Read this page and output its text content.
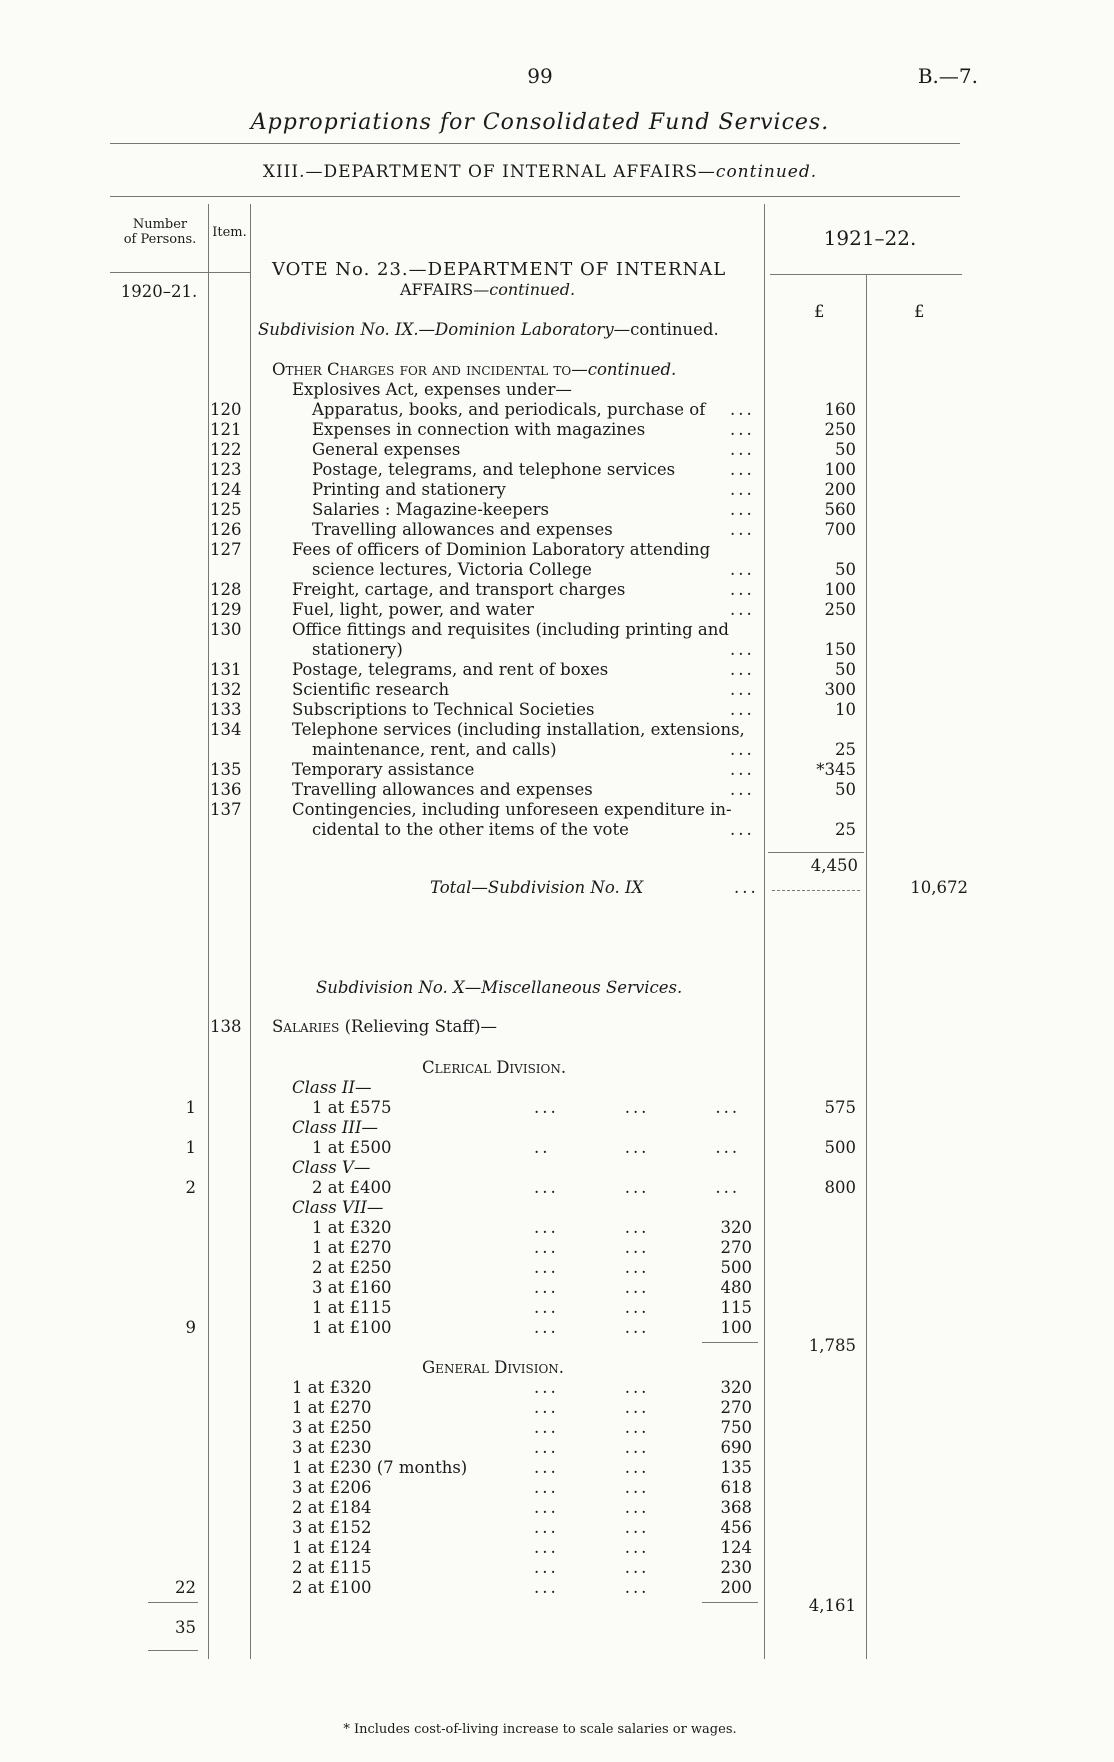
99	B.—7.
Appropriations for Consolidated Fund Services.
XIII.—DEPARTMENT OF INTERNAL AFFAIRS—continued.
Number
of Persons.
1920–21.
Item.	1921–22.
£	£
VOTE No. 23.—DEPARTMENT OF INTERNAL
AFFAIRS—continued.
Subdivision No. IX.—Dominion Laboratory—continued.
Other Charges for and incidental to—continued.
Explosives Act, expenses under—
120	Apparatus, books, and periodicals, purchase of ...	160
121	Expenses in connection with magazines	...	250
122	General expenses	...	50
123	Postage, telegrams, and telephone services	...	100
124	Printing and stationery	...	200
125	Salaries : Magazine-keepers	...	560
126	Travelling allowances and expenses	...	700
127	Fees of officers of Dominion Laboratory attending
science lectures, Victoria College	...	50
128	Freight, cartage, and transport charges	...	100
129	Fuel, light, power, and water	...	250
130	Office fittings and requisites (including printing and
stationery)	...	150
131	Postage, telegrams, and rent of boxes	...	50
132	Scientific research	...	300
133	Subscriptions to Technical Societies	...	10
134	Telephone services (including installation, extensions,
maintenance, rent, and calls)	...	25
135	Temporary assistance	...	*345
136	Travelling allowances and expenses	...	50
137	Contingencies, including unforeseen expenditure in-
cidental to the other items of the vote	...	25
4,450
Total—Subdivision No. IX	...	10,672
Subdivision No. X—Miscellaneous Services.
138 Salaries (Relieving Staff)—
Clerical Division.
Class II—
1	1 at £575	...        ...        ...	575
Class III—
1	1 at £500	..         ...        ...	500
Class V—
2	2 at £400	...        ...        ...	800
Class VII—
1 at £320	...        ...	320
1 at £270	...        ...	270
2 at £250	...        ...	500
3 at £160	...        ...	480
1 at £115	...        ...	115
1 at £100	...        ...	100
9
1,785
General Division.
1 at £320	...        ...	320
1 at £270	...        ...	270
3 at £250	...        ...	750
3 at £230	...        ...	690
1 at £230 (7 months)	...        ...	135
3 at £206	...        ...	618
2 at £184	...        ...	368
3 at £152	...        ...	456
1 at £124	...        ...	124
2 at £115	...        ...	230
2 at £100	...        ...	200
22
4,161
35
* Includes cost-of-living increase to scale salaries or wages.
